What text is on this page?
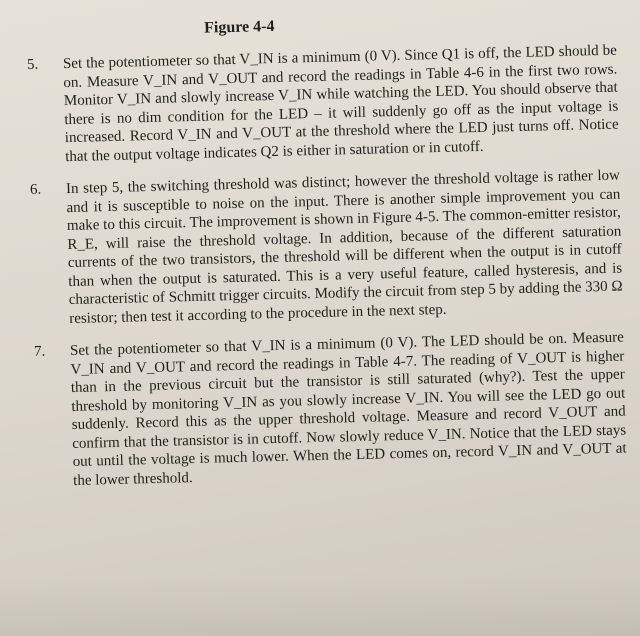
Figure 4-4
5.	Set the potentiometer so that V_IN is a minimum (0 V). Since Q1 is off, the LED should be on. Measure V_IN and V_OUT and record the readings in Table 4-6 in the first two rows. Monitor V_IN and slowly increase V_IN while watching the LED. You should observe that there is no dim condition for the LED – it will suddenly go off as the input voltage is increased. Record V_IN and V_OUT at the threshold where the LED just turns off. Notice that the output voltage indicates Q2 is either in saturation or in cutoff.

6.	In step 5, the switching threshold was distinct; however the threshold voltage is rather low and it is susceptible to noise on the input. There is another simple improvement you can make to this circuit. The improvement is shown in Figure 4-5. The common-emitter resistor, R_E, will raise the threshold voltage. In addition, because of the different saturation currents of the two transistors, the threshold will be different when the output is in cutoff than when the output is saturated. This is a very useful feature, called hysteresis, and is characteristic of Schmitt trigger circuits. Modify the circuit from step 5 by adding the 330 Ω resistor; then test it according to the procedure in the next step.

7.	Set the potentiometer so that V_IN is a minimum (0 V). The LED should be on. Measure V_IN and V_OUT and record the readings in Table 4-7. The reading of V_OUT is higher than in the previous circuit but the transistor is still saturated (why?). Test the upper threshold by monitoring V_IN as you slowly increase V_IN. You will see the LED go out suddenly. Record this as the upper threshold voltage. Measure and record V_OUT and confirm that the transistor is in cutoff. Now slowly reduce V_IN. Notice that the LED stays out until the voltage is much lower. When the LED comes on, record V_IN and V_OUT at the lower threshold.
